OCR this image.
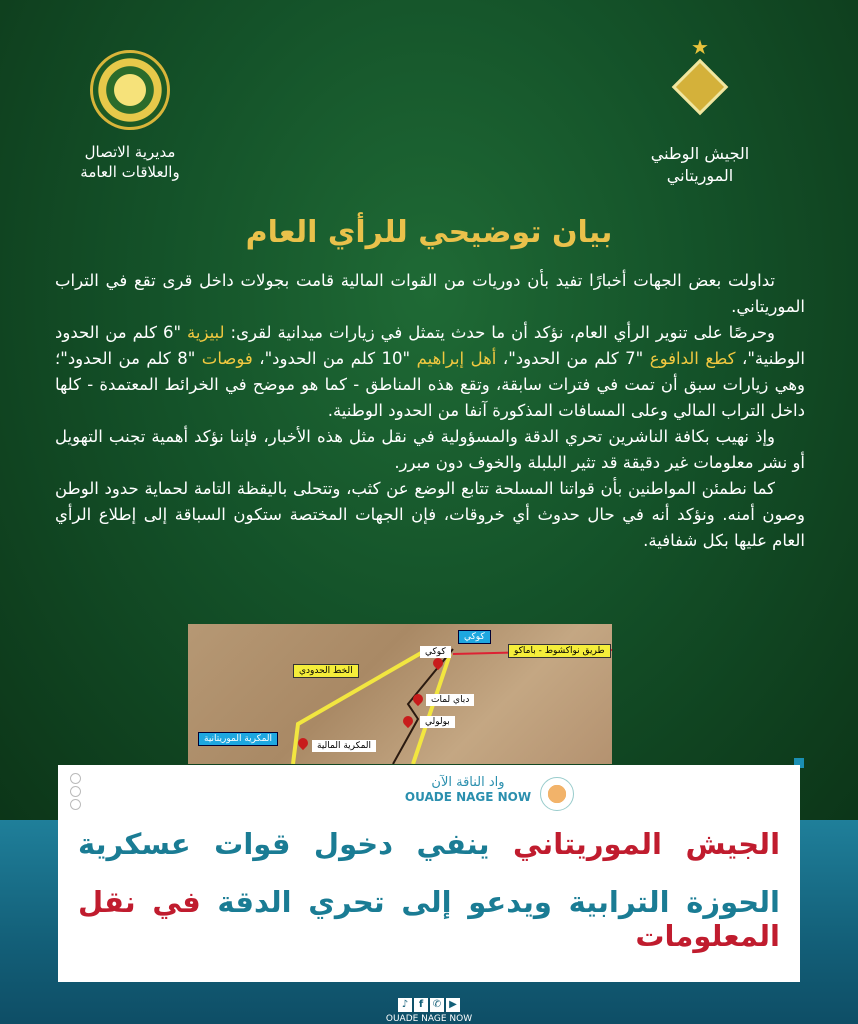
مديرية الاتصال
والعلاقات العامة
★
الجيش الوطني
الموريتاني
بيان توضيحي للرأي العام

تداولت بعض الجهات أخبارًا تفيد بأن دوريات من القوات المالية قامت بجولات داخل قرى تقع في التراب الموريتاني.

وحرصًا على تنوير الرأي العام، نؤكد أن ما حدث يتمثل في زيارات ميدانية لقرى: لبيزية "6 كلم من الحدود الوطنية"، كطع الدافوع "7 كلم من الحدود"، أهل إبراهيم "10 كلم من الحدود"، فوصات "8 كلم من الحدود"؛ وهي زيارات سبق أن تمت في فترات سابقة، وتقع هذه المناطق - كما هو موضح في الخرائط المعتمدة - كلها داخل التراب المالي وعلى المسافات المذكورة آنفا من الحدود الوطنية.

وإذ نهيب بكافة الناشرين تحري الدقة والمسؤولية في نقل مثل هذه الأخبار، فإننا نؤكد أهمية تجنب التهويل أو نشر معلومات غير دقيقة قد تثير البلبلة والخوف دون مبرر.

كما نطمئن المواطنين بأن قواتنا المسلحة تتابع الوضع عن كثب، وتتحلى باليقظة التامة لحماية حدود الوطن وصون أمنه. ونؤكد أنه في حال حدوث أي خروقات، فإن الجهات المختصة ستكون السباقة إلى إطلاع الرأي العام عليها بكل شفافية.

كوكي
طريق نواكشوط - باماكو
كوكي
الخط الحدودي
دباي لمات
بولولي
المكرية الموريتانية
المكرية المالية
واد الناقة الآن
OUADE NAGE NOW
الجيش الموريتاني ينفي دخول قوات عسكرية
الحوزة الترابية ويدعو إلى تحري الدقة في نقل المعلومات
♪ f ✆ ▶
OUADE NAGE NOW
